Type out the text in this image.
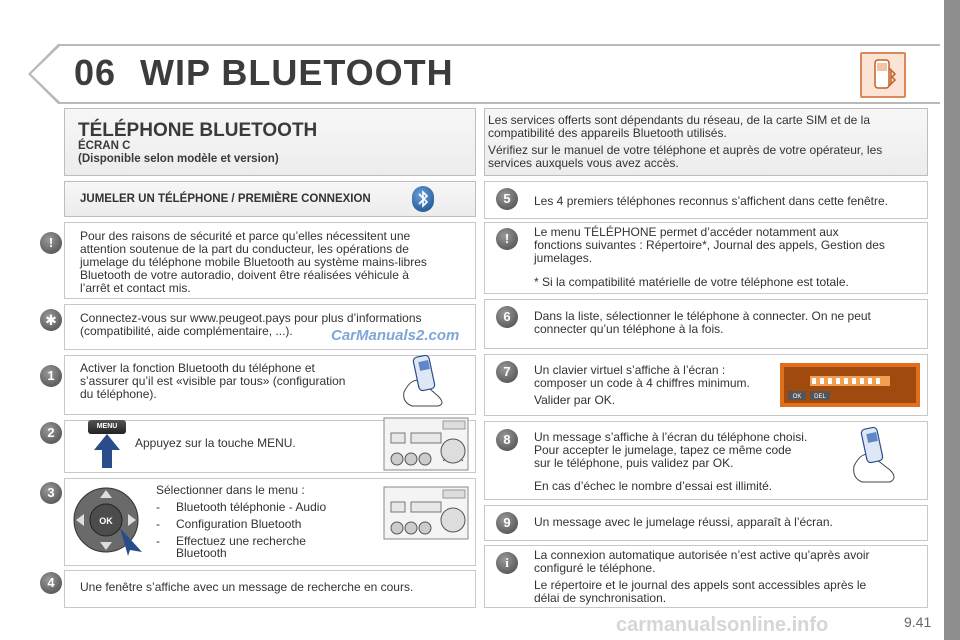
06 WIP BLUETOOTH
TÉLÉPHONE BLUETOOTH
ÉCRAN C
(Disponible selon modèle et version)
Les services offerts sont dépendants du réseau, de la carte SIM et de la
compatibilité des appareils Bluetooth utilisés.
Vérifiez sur le manuel de votre téléphone et auprès de votre opérateur, les
services auxquels vous avez accès.
JUMELER UN TÉLÉPHONE / PREMIÈRE CONNEXION
!	Pour des raisons de sécurité et parce qu’elles nécessitent une
attention soutenue de la part du conducteur, les opérations de
jumelage du téléphone mobile Bluetooth au système mains-libres
Bluetooth de votre autoradio, doivent être réalisées véhicule à
l’arrêt et contact mis.
✱	Connectez-vous sur www.peugeot.pays pour plus d’informations
(compatibilité, aide complémentaire, ...).	CarManuals2.com
1	Activer la fonction Bluetooth du téléphone et
s’assurer qu’il est «visible par tous» (configuration
du téléphone).
2	MENU
Appuyez sur la touche MENU.
3
OK
Sélectionner dans le menu :
- Bluetooth téléphonie - Audio
- Configuration Bluetooth
- Effectuez une recherche
Bluetooth
4	Une fenêtre s’affiche avec un message de recherche en cours.
5	Les 4 premiers téléphones reconnus s’affichent dans cette fenêtre.
!	Le menu TÉLÉPHONE permet d’accéder notamment aux
fonctions suivantes : Répertoire*, Journal des appels, Gestion des
jumelages.
* Si la compatibilité matérielle de votre téléphone est totale.
6	Dans la liste, sélectionner le téléphone à connecter. On ne peut
connecter qu’un téléphone à la fois.
7	Un clavier virtuel s’affiche à l’écran :
composer un code à 4 chiffres minimum.
Valider par OK.	OK DEL
8	Un message s’affiche à l’écran du téléphone choisi.
Pour accepter le jumelage, tapez ce même code
sur le téléphone, puis validez par OK.
En cas d’échec le nombre d’essai est illimité.
9	Un message avec le jumelage réussi, apparaît à l’écran.
i	La connexion automatique autorisée n’est active qu’après avoir
configuré le téléphone.
Le répertoire et le journal des appels sont accessibles après le
délai de synchronisation.
carmanualsonline.info	9.41
